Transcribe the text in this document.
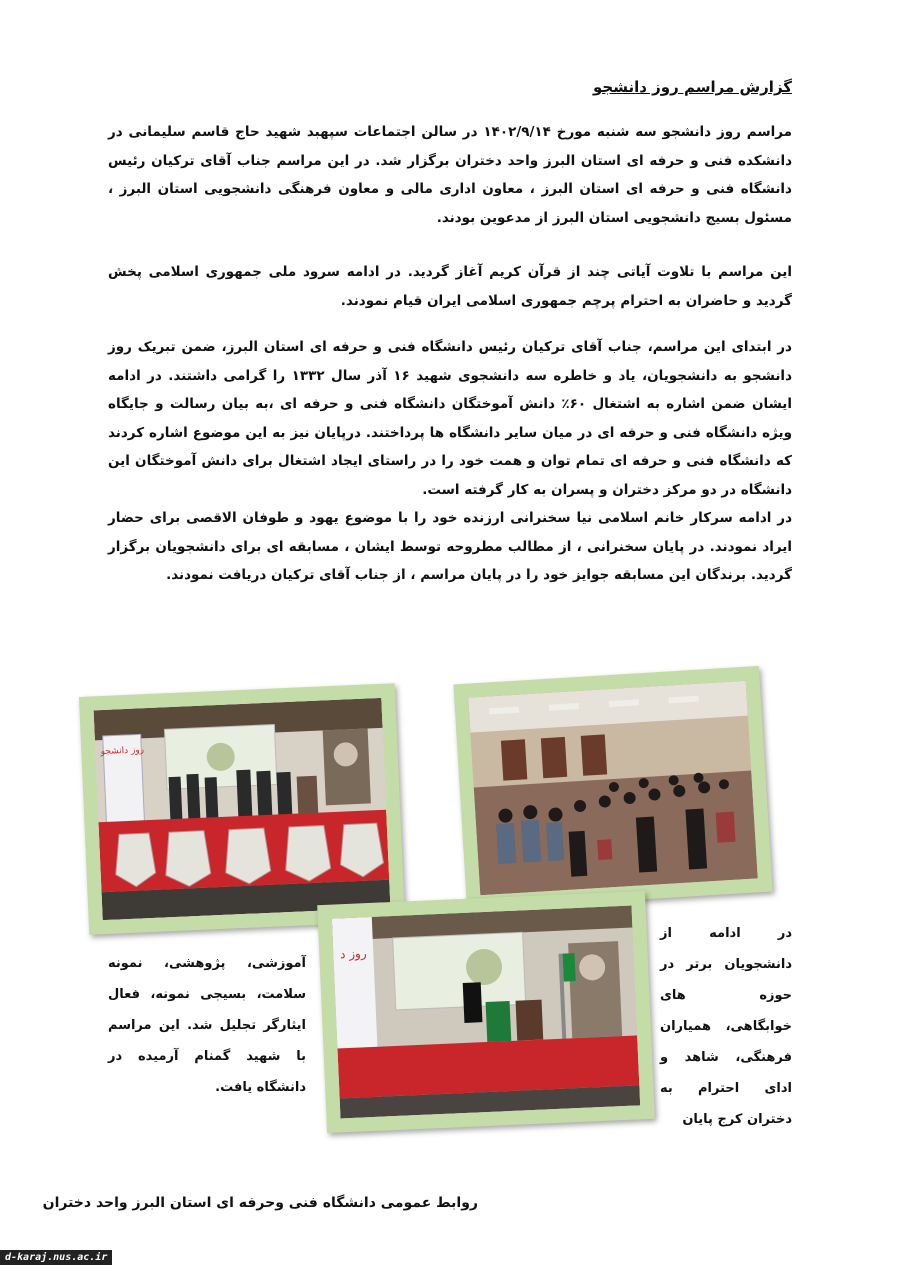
گزارش مراسم روز دانشجو

مراسم روز دانشجو سه شنبه مورخ ۱۴۰۲/۹/۱۴ در سالن اجتماعات سپهبد شهید حاج قاسم سلیمانی در دانشکده فنی و حرفه ای استان البرز واحد دختران برگزار شد. در این مراسم جناب آقای ترکیان رئیس دانشگاه فنی و حرفه ای استان البرز ، معاون اداری مالی و معاون فرهنگی دانشجویی استان البرز ، مسئول بسیج دانشجویی استان البرز از مدعوین بودند.

این مراسم با تلاوت آیاتی چند از قرآن کریم آغاز گردید. در ادامه سرود ملی جمهوری اسلامی پخش گردید و حاضران به احترام پرچم جمهوری اسلامی ایران قیام نمودند.

در ابتدای این مراسم، جناب آقای ترکیان رئیس دانشگاه فنی و حرفه ای استان البرز، ضمن تبریک روز دانشجو به دانشجویان، یاد و خاطره سه دانشجوی شهید ۱۶ آذر سال ۱۳۳۲ را گرامی داشتند. در ادامه ایشان ضمن اشاره به اشتغال ۶۰٪ دانش آموختگان دانشگاه فنی و حرفه ای ،به بیان رسالت و جایگاه ویژه دانشگاه فنی و حرفه ای در میان سایر دانشگاه ها پرداختند. درپایان نیز به این موضوع اشاره کردند که دانشگاه فنی و حرفه ای تمام توان و همت خود را در راستای ایجاد اشتغال برای دانش آموختگان این دانشگاه در دو مرکز دختران و پسران به کار گرفته است.

در ادامه سرکار خانم اسلامی نیا سخنرانی ارزنده خود را با موضوع یهود و طوفان الاقصی برای حضار ایراد نمودند. در پایان سخنرانی ، از مطالب مطروحه توسط ایشان ، مسابقه ای برای دانشجویان برگزار گردید. برندگان این مسابقه جوایز خود را در پایان مراسم ، از جناب آقای ترکیان دریافت نمودند.

روز دانشجو
روز د

در ادامه از دانشجویان برتر در حوزه های خوابگاهی، همیاران فرهنگی، شاهد و ادای احترام به دختران کرج پایان

آموزشی، پژوهشی، نمونه سلامت، بسیجی نمونه، فعال ایثارگر تجلیل شد. این مراسم با شهید گمنام آرمیده در دانشگاه یافت.

روابط عمومی دانشگاه فنی وحرفه ای استان البرز واحد دختران
d-karaj.nus.ac.ir
